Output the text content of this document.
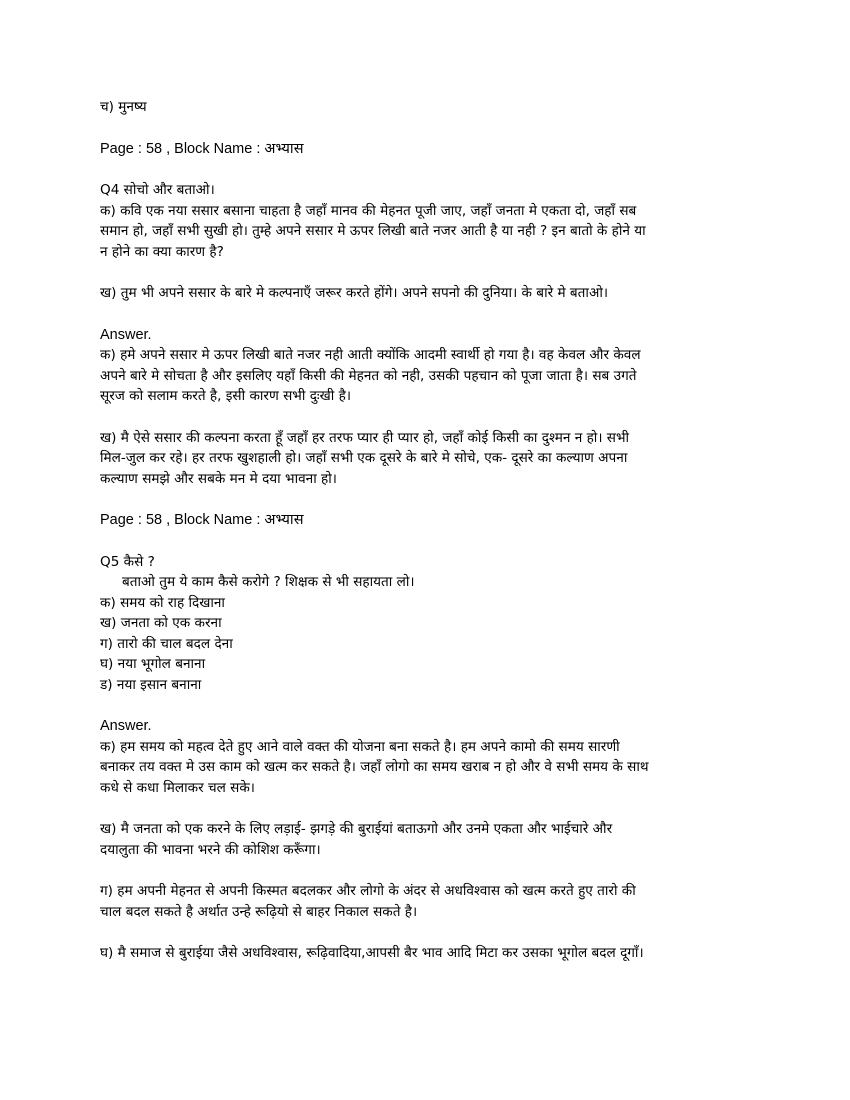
च) मुनष्य
Page : 58 , Block Name : अभ्यास
Q4 सोचो और बताओ।
क) कवि एक नया ससार बसाना चाहता है जहाँ मानव की मेहनत पूजी जाए, जहाँ जनता मे एकता दो, जहाँ सब
समान हो, जहाँ सभी सुखी हो। तुम्हे अपने ससार मे ऊपर लिखी बाते नजर आती है या नही ? इन बातो के होने या
न होने का क्या कारण है?
ख) तुम भी अपने ससार के बारे मे कल्पनाएँ जरूर करते होंगे। अपने सपनो की दुनिया। के बारे मे बताओ।
Answer.
क) हमे अपने ससार मे ऊपर लिखी बाते नजर नही आती क्योंकि आदमी स्वार्थी हो गया है। वह केवल और केवल
अपने बारे मे सोचता है और इसलिए यहाँ किसी की मेहनत को नही, उसकी पहचान को पूजा जाता है। सब उगते
सूरज को सलाम करते है, इसी कारण सभी दुःखी है।
ख) मै ऐसे ससार की कल्पना करता हूँ जहाँ हर तरफ प्यार ही प्यार हो, जहाँ कोई किसी का दुश्मन न हो। सभी
मिल-जुल कर रहे। हर तरफ खुशहाली हो। जहाँ सभी एक दूसरे के बारे मे सोचे, एक- दूसरे का कल्याण अपना
कल्याण समझे और सबके मन मे दया भावना हो।
Page : 58 , Block Name : अभ्यास
Q5 कैसे ?
बताओ तुम ये काम कैसे करोगे ? शिक्षक से भी सहायता लो।
क) समय को राह दिखाना
ख) जनता को एक करना
ग) तारो की चाल बदल देना
घ) नया भूगोल बनाना
ड) नया इसान बनाना
Answer.
क) हम समय को महत्व देते हुए आने वाले वक्त की योजना बना सकते है। हम अपने कामो की समय सारणी
बनाकर तय वक्त मे उस काम को खत्म कर सकते है। जहाँ लोगो का समय खराब न हो और वे सभी समय के साथ
कधे से कधा मिलाकर चल सके।
ख) मै जनता को एक करने के लिए लड़ाई- झगड़े की बुराईयां बताऊगो और उनमे एकता और भाईचारे और
दयालुता की भावना भरने की कोशिश करूँगा।
ग) हम अपनी मेहनत से अपनी किस्मत बदलकर और लोगो के अंदर से अधविश्वास को खत्म करते हुए तारो की
चाल बदल सकते है अर्थात उन्हे रूढ़ियो से बाहर निकाल सकते है।
घ) मै समाज से बुराईया जैसे अधविश्वास, रूढ़िवादिया,आपसी बैर भाव आदि मिटा कर उसका भूगोल बदल दूगाँ।
